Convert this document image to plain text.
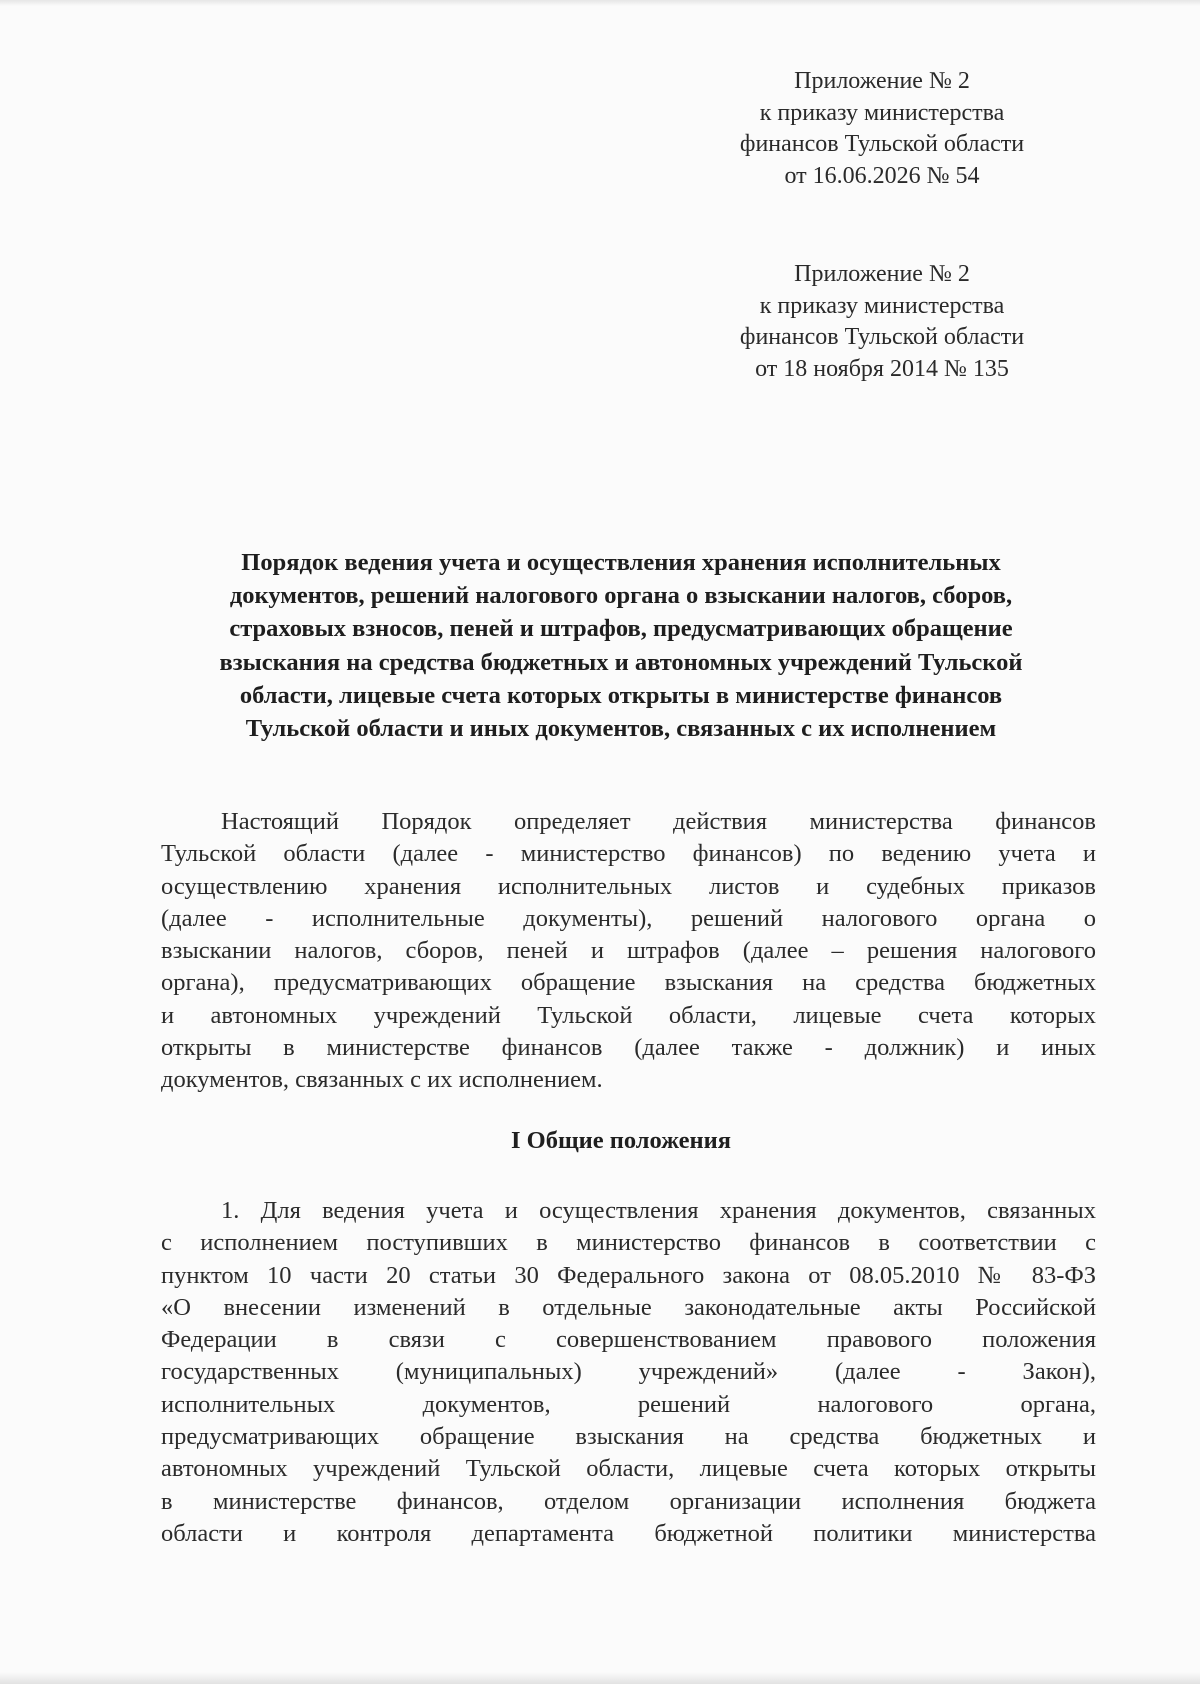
Приложение № 2
к приказу министерства
финансов Тульской области
от 16.06.2026 № 54
Приложение № 2
к приказу министерства
финансов Тульской области
от 18 ноября 2014 № 135
Порядок ведения учета и осуществления хранения исполнительных
документов, решений налогового органа о взыскании налогов, сборов,
страховых взносов, пеней и штрафов, предусматривающих обращение
взыскания на средства бюджетных и автономных учреждений Тульской
области, лицевые счета которых открыты в министерстве финансов
Тульской области и иных документов, связанных с их исполнением
Настоящий Порядок определяет действия министерства финансов
Тульской области (далее - министерство финансов) по ведению учета и
осуществлению хранения исполнительных листов и судебных приказов
(далее - исполнительные документы), решений налогового органа о
взыскании налогов, сборов, пеней и штрафов (далее – решения налогового
органа), предусматривающих обращение взыскания на средства бюджетных
и автономных учреждений Тульской области, лицевые счета которых
открыты в министерстве финансов (далее также - должник) и иных
документов, связанных с их исполнением.
I Общие положения
1. Для ведения учета и осуществления хранения документов, связанных
с исполнением поступивших в министерство финансов в соответствии с
пунктом 10 части 20 статьи 30 Федерального закона от 08.05.2010 № 83-ФЗ
«О внесении изменений в отдельные законодательные акты Российской
Федерации в связи с совершенствованием правового положения
государственных (муниципальных) учреждений» (далее - Закон),
исполнительных документов, решений налогового органа,
предусматривающих обращение взыскания на средства бюджетных и
автономных учреждений Тульской области, лицевые счета которых открыты
в министерстве финансов, отделом организации исполнения бюджета
области и контроля департамента бюджетной политики министерства
